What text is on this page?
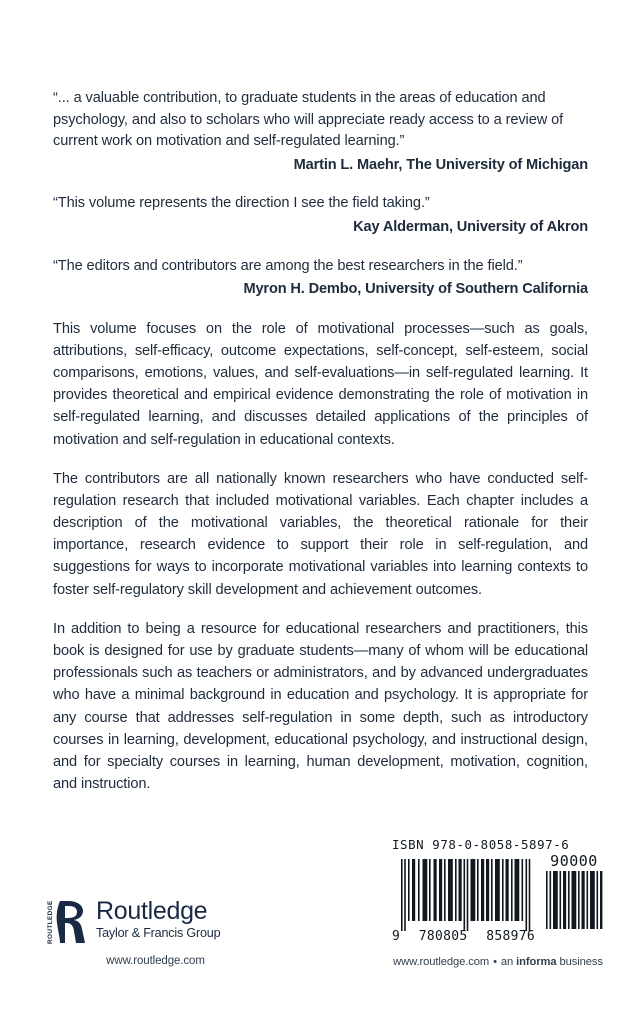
“... a valuable contribution, to graduate students in the areas of education and psychology, and also to scholars who will appreciate ready access to a review of current work on motivation and self-regulated learning.”
Martin L. Maehr, The University of Michigan
“This volume represents the direction I see the field taking.”
Kay Alderman, University of Akron
“The editors and contributors are among the best researchers in the field.”
Myron H. Dembo, University of Southern California

This volume focuses on the role of motivational processes—such as goals, attributions, self-efficacy, outcome expectations, self-concept, self-esteem, social comparisons, emotions, values, and self-evaluations—in self-regulated learning. It provides theoretical and empirical evidence demonstrating the role of motivation in self-regulated learning, and discusses detailed applications of the principles of motivation and self-regulation in educational contexts.

The contributors are all nationally known researchers who have conducted self-regulation research that included motivational variables. Each chapter includes a description of the motivational variables, the theoretical rationale for their importance, research evidence to support their role in self-regulation, and suggestions for ways to incorporate motivational variables into learning contexts to foster self-regulatory skill development and achievement outcomes.

In addition to being a resource for educational researchers and practitioners, this book is designed for use by graduate students—many of whom will be educational professionals such as teachers or administrators, and by advanced undergraduates who have a minimal background in education and psychology. It is appropriate for any course that addresses self-regulation in some depth, such as introductory courses in learning, development, educational psychology, and instructional design, and for specialty courses in learning, human development, motivation, cognition, and instruction.

ROUTLEDGE Routledge
Taylor & Francis Group
www.routledge.com
ISBN 978-0-8058-5897-6
9 780805 858976
90000
www.routledge.com • an informa business
